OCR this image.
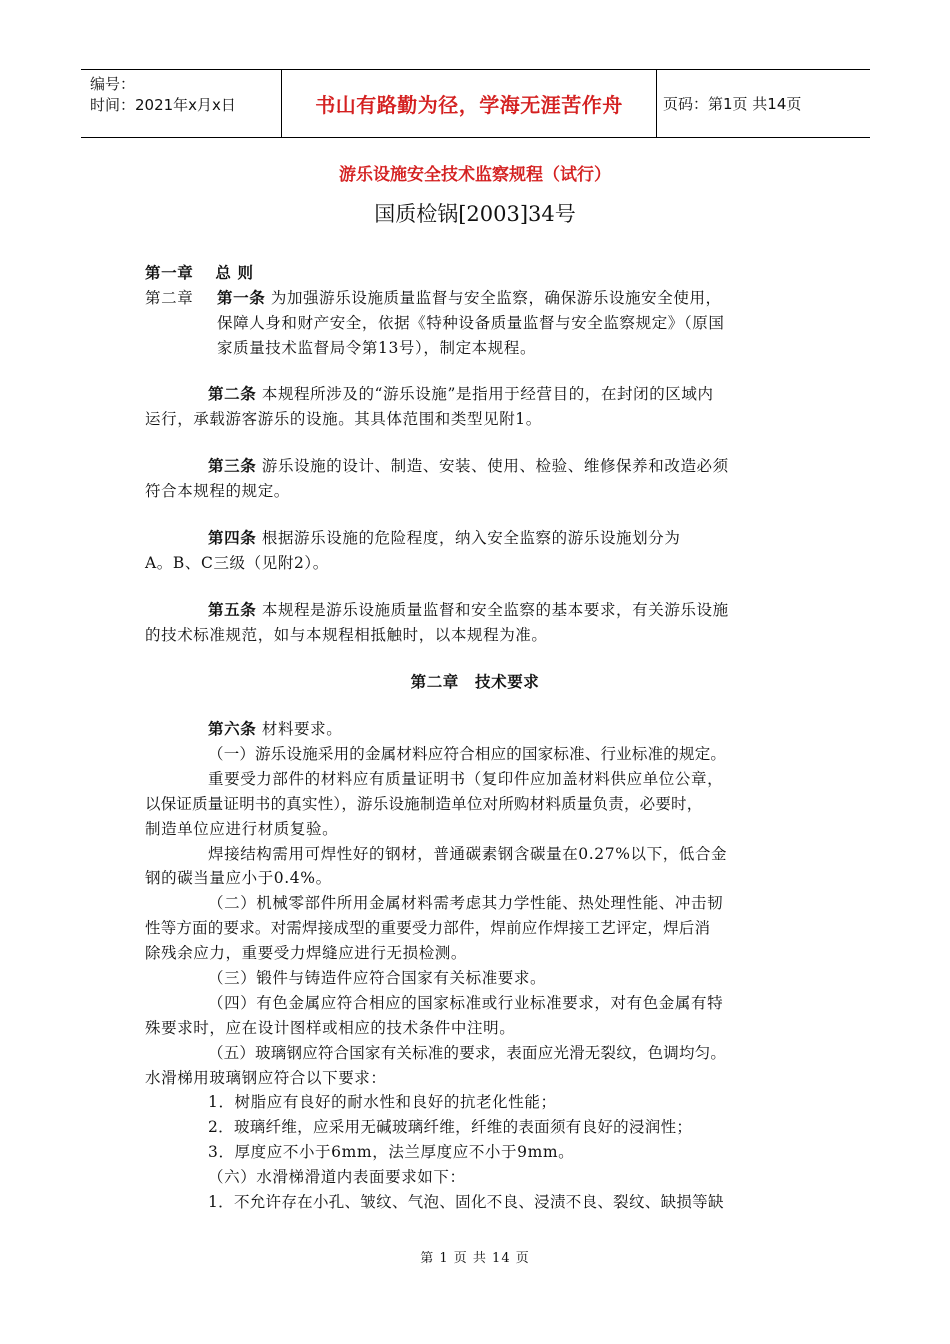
编号：
时间：2021年x月x日	书山有路勤为径，学海无涯苦作舟	页码：第1页 共14页
游乐设施安全技术监察规程（试行）
国质检锅[2003]34号
第一章　 总 则
第二章 第一条 为加强游乐设施质量监督与安全监察，确保游乐设施安全使用，
保障人身和财产安全，依据《特种设备质量监督与安全监察规定》（原国
家质量技术监督局令第13号），制定本规程。
第二条 本规程所涉及的“游乐设施”是指用于经营目的，在封闭的区域内
运行，承载游客游乐的设施。其具体范围和类型见附1。
第三条 游乐设施的设计、制造、安装、使用、检验、维修保养和改造必须
符合本规程的规定。
第四条 根据游乐设施的危险程度，纳入安全监察的游乐设施划分为
A。B、C三级（见附2）。
第五条 本规程是游乐设施质量监督和安全监察的基本要求，有关游乐设施
的技术标准规范，如与本规程相抵触时，以本规程为准。
第二章　技术要求
第六条 材料要求。
（一）游乐设施采用的金属材料应符合相应的国家标准、行业标准的规定。
重要受力部件的材料应有质量证明书（复印件应加盖材料供应单位公章，
以保证质量证明书的真实性），游乐设施制造单位对所购材料质量负责，必要时，
制造单位应进行材质复验。
焊接结构需用可焊性好的钢材，普通碳素钢含碳量在0.27%以下，低合金
钢的碳当量应小于0.4%。
（二）机械零部件所用金属材料需考虑其力学性能、热处理性能、冲击韧
性等方面的要求。对需焊接成型的重要受力部件，焊前应作焊接工艺评定，焊后消
除残余应力，重要受力焊缝应进行无损检测。
（三）锻件与铸造件应符合国家有关标准要求。
（四）有色金属应符合相应的国家标准或行业标准要求，对有色金属有特
殊要求时，应在设计图样或相应的技术条件中注明。
（五）玻璃钢应符合国家有关标准的要求，表面应光滑无裂纹，色调均匀。
水滑梯用玻璃钢应符合以下要求：
1．树脂应有良好的耐水性和良好的抗老化性能；
2．玻璃纤维，应采用无碱玻璃纤维，纤维的表面须有良好的浸润性；
3．厚度应不小于6mm，法兰厚度应不小于9mm。
（六）水滑梯滑道内表面要求如下：
1．不允许存在小孔、皱纹、气泡、固化不良、浸渍不良、裂纹、缺损等缺
第 1 页 共 14 页
